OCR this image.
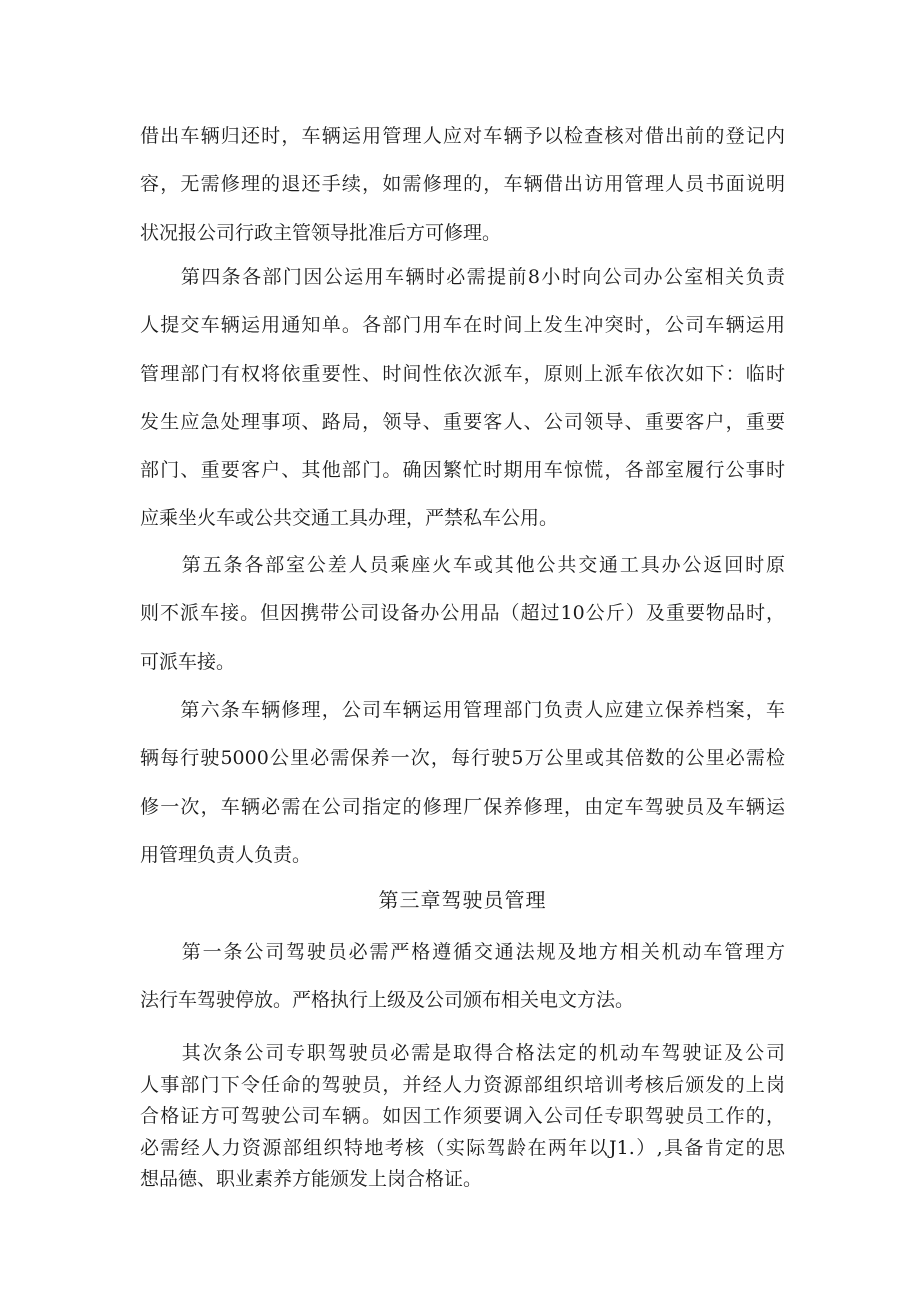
借出车辆归还时，车辆运用管理人应对车辆予以检查核对借出前的登记内
容，无需修理的退还手续，如需修理的，车辆借出访用管理人员书面说明
状况报公司行政主管领导批准后方可修理。
　　第四条各部门因公运用车辆时必需提前8小时向公司办公室相关负责
人提交车辆运用通知单。各部门用车在时间上发生冲突时，公司车辆运用
管理部门有权将依重要性、时间性依次派车，原则上派车依次如下：临时
发生应急处理事项、路局，领导、重要客人、公司领导、重要客户，重要
部门、重要客户、其他部门。确因繁忙时期用车惊慌，各部室履行公事时
应乘坐火车或公共交通工具办理，严禁私车公用。
　　第五条各部室公差人员乘座火车或其他公共交通工具办公返回时原
则不派车接。但因携带公司设备办公用品（超过10公斤）及重要物品时，
可派车接。
　　第六条车辆修理，公司车辆运用管理部门负责人应建立保养档案，车
辆每行驶5000公里必需保养一次，每行驶5万公里或其倍数的公里必需检
修一次，车辆必需在公司指定的修理厂保养修理，由定车驾驶员及车辆运
用管理负责人负责。
第三章驾驶员管理
　　第一条公司驾驶员必需严格遵循交通法规及地方相关机动车管理方
法行车驾驶停放。严格执行上级及公司颁布相关电文方法。
　　其次条公司专职驾驶员必需是取得合格法定的机动车驾驶证及公司
人事部门下令任命的驾驶员，并经人力资源部组织培训考核后颁发的上岗
合格证方可驾驶公司车辆。如因工作须要调入公司任专职驾驶员工作的，
必需经人力资源部组织特地考核（实际驾龄在两年以J1.）,具备肯定的思
想品德、职业素养方能颁发上岗合格证。
